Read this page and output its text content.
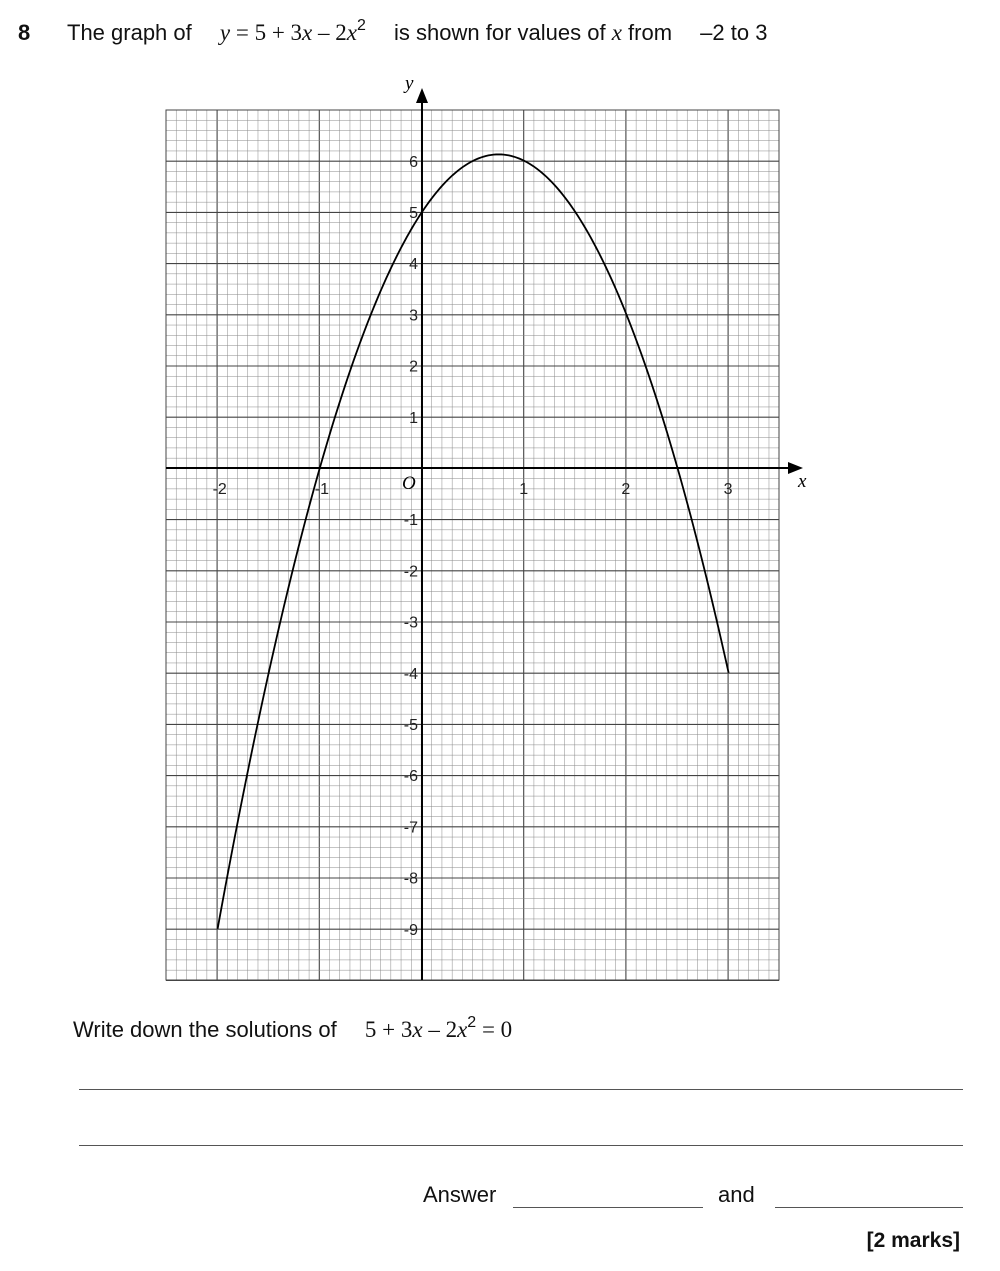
8 The graph of $y = 5 + 3x - 2x^2$ is shown for values of x from –2 to 3
x
y
O
-2	-1	1	2	3
-9
-8
-7
-6
-5
-4
-3
-2
-1
1
2
3
4
5
6
Write down the solutions of $5 + 3x - 2x^2 = 0$
Answer	and
[2 marks]
